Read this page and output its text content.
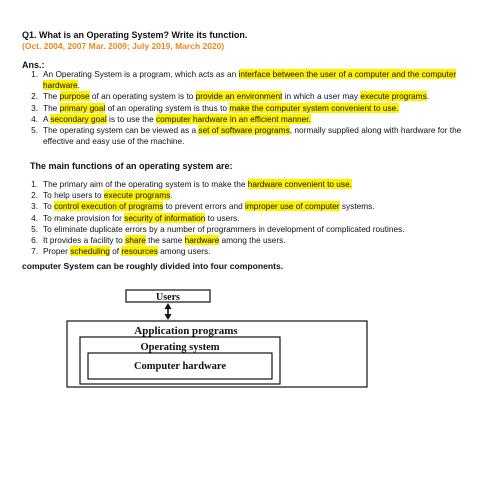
Q1. What is an Operating System? Write its function.
(Oct. 2004, 2007 Mar. 2009; July 2019, March 2020)
Ans.:
1. An Operating System is a program, which acts as an interface between the user of a computer and the computer hardware.
2. The purpose of an operating system is to provide an environment in which a user may execute programs.
3. The primary goal of an operating system is thus to make the computer system convenient to use.
4. A secondary goal is to use the computer hardware in an efficient manner.
5. The operating system can be viewed as a set of software programs, normally supplied along with hardware for the effective and easy use of the machine.
The main functions of an operating system are:
1. The primary aim of the operating system is to make the hardware convenient to use.
2. To help users to execute programs.
3. To control execution of programs to prevent errors and improper use of computer systems.
4. To make provision for security of information to users.
5. To eliminate duplicate errors by a number of programmers in development of complicated routines.
6. It provides a facility to share the same hardware among the users.
7. Proper scheduling of resources among users.
computer System can be roughly divided into four components.
Users
Application programs
Operating system
Computer hardware
